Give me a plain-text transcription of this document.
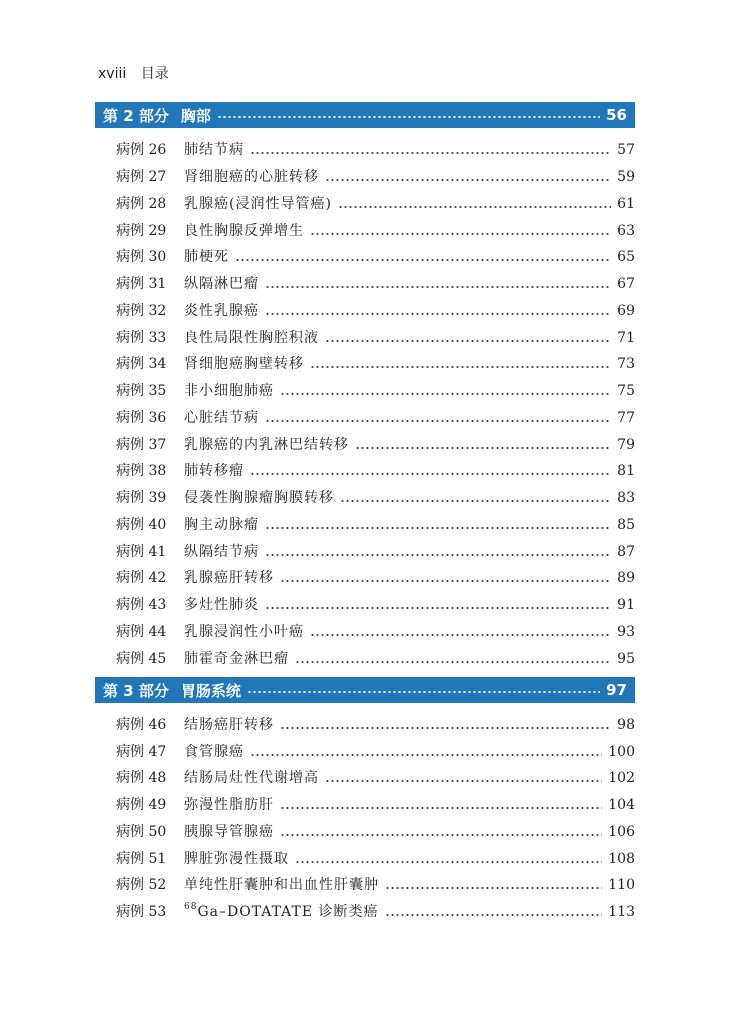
xviii 目录
第 2 部分 胸部	56
病例 26	肺结节病	57
病例 27	肾细胞癌的心脏转移	59
病例 28	乳腺癌(浸润性导管癌)	61
病例 29	良性胸腺反弹增生	63
病例 30	肺梗死	65
病例 31	纵隔淋巴瘤	67
病例 32	炎性乳腺癌	69
病例 33	良性局限性胸腔积液	71
病例 34	肾细胞癌胸壁转移	73
病例 35	非小细胞肺癌	75
病例 36	心脏结节病	77
病例 37	乳腺癌的内乳淋巴结转移	79
病例 38	肺转移瘤	81
病例 39	侵袭性胸腺瘤胸膜转移	83
病例 40	胸主动脉瘤	85
病例 41	纵隔结节病	87
病例 42	乳腺癌肝转移	89
病例 43	多灶性肺炎	91
病例 44	乳腺浸润性小叶癌	93
病例 45	肺霍奇金淋巴瘤	95
第 3 部分 胃肠系统	97
病例 46	结肠癌肝转移	98
病例 47	食管腺癌	100
病例 48	结肠局灶性代谢增高	102
病例 49	弥漫性脂肪肝	104
病例 50	胰腺导管腺癌	106
病例 51	脾脏弥漫性摄取	108
病例 52	单纯性肝囊肿和出血性肝囊肿	110
病例 53	$^{68}$Ga–DOTATATE 诊断类癌	113
